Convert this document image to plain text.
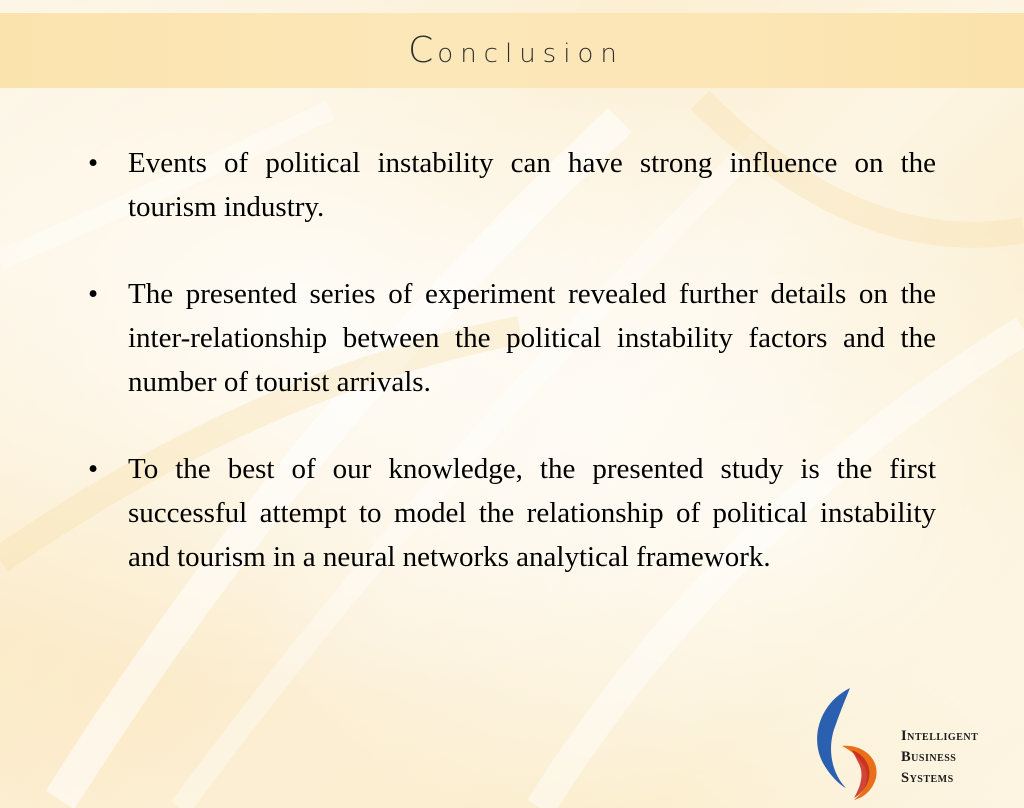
Conclusion
• Events of political instability can have strong influence on the tourism industry.
• The presented series of experiment revealed further details on the inter-relationship between the political instability factors and the number of tourist arrivals.
• To the best of our knowledge, the presented study is the first successful attempt to model the relationship of political instability and tourism in a neural networks analytical framework.
Intelligent
Business
Systems
